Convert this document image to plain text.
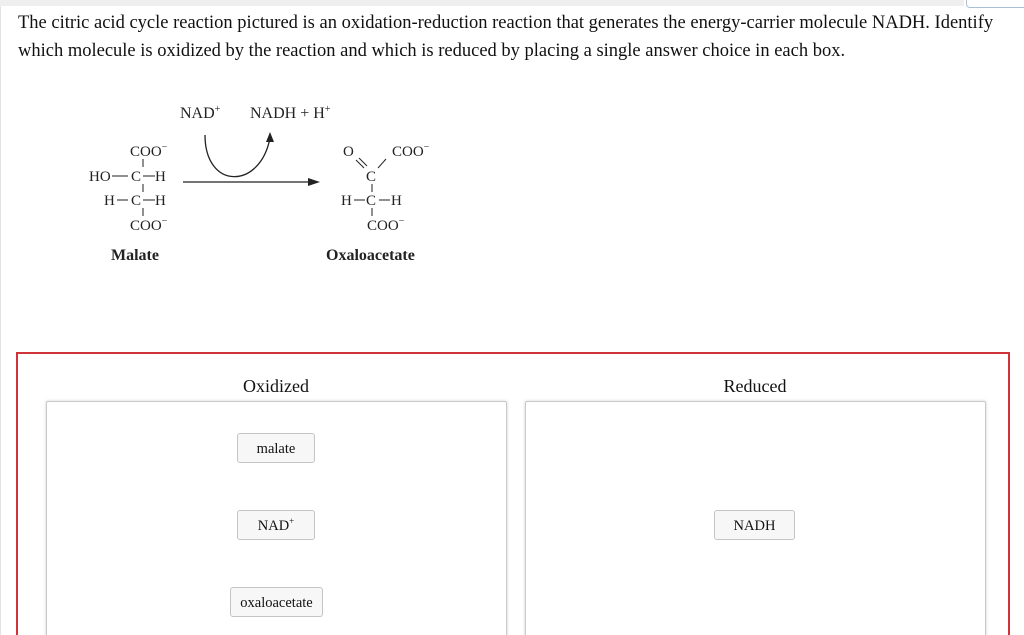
The citric acid cycle reaction pictured is an oxidation-reduction reaction that generates the energy-carrier molecule NADH. Identify which molecule is oxidized by the reaction and which is reduced by placing a single answer choice in each box.

NAD+ NADH + H+
COO−
HO C H
H C H
COO−
Malate
O	COO−
C
H C H
COO−
Oxaloacetate
Oxidized	Reduced
malate
NAD+
oxaloacetate
NADH
